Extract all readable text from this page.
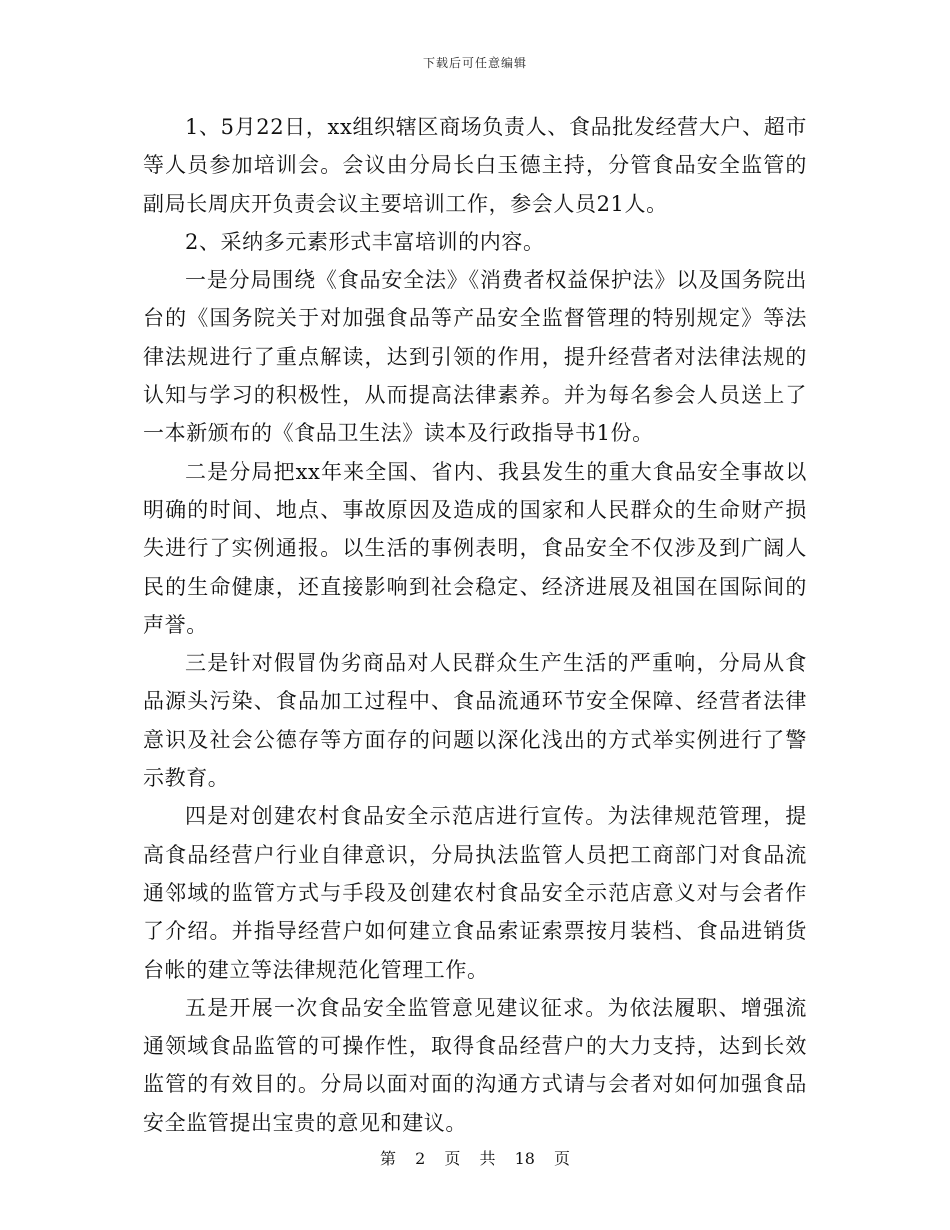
下载后可任意编辑

1、5月22日，xx组织辖区商场负责人、食品批发经营大户、超市等人员参加培训会。会议由分局长白玉德主持，分管食品安全监管的副局长周庆开负责会议主要培训工作，参会人员21人。

2、采纳多元素形式丰富培训的内容。

一是分局围绕《食品安全法》《消费者权益保护法》以及国务院出台的《国务院关于对加强食品等产品安全监督管理的特别规定》等法律法规进行了重点解读，达到引领的作用，提升经营者对法律法规的认知与学习的积极性，从而提高法律素养。并为每名参会人员送上了一本新颁布的《食品卫生法》读本及行政指导书1份。

二是分局把xx年来全国、省内、我县发生的重大食品安全事故以明确的时间、地点、事故原因及造成的国家和人民群众的生命财产损失进行了实例通报。以生活的事例表明，食品安全不仅涉及到广阔人民的生命健康，还直接影响到社会稳定、经济进展及祖国在国际间的声誉。

三是针对假冒伪劣商品对人民群众生产生活的严重响，分局从食品源头污染、食品加工过程中、食品流通环节安全保障、经营者法律意识及社会公德存等方面存的问题以深化浅出的方式举实例进行了警示教育。

四是对创建农村食品安全示范店进行宣传。为法律规范管理，提高食品经营户行业自律意识，分局执法监管人员把工商部门对食品流通邻域的监管方式与手段及创建农村食品安全示范店意义对与会者作了介绍。并指导经营户如何建立食品索证索票按月装档、食品进销货台帐的建立等法律规范化管理工作。

五是开展一次食品安全监管意见建议征求。为依法履职、增强流通领域食品监管的可操作性，取得食品经营户的大力支持，达到长效监管的有效目的。分局以面对面的沟通方式请与会者对如何加强食品安全监管提出宝贵的意见和建议。

第 2 页 共 18 页
